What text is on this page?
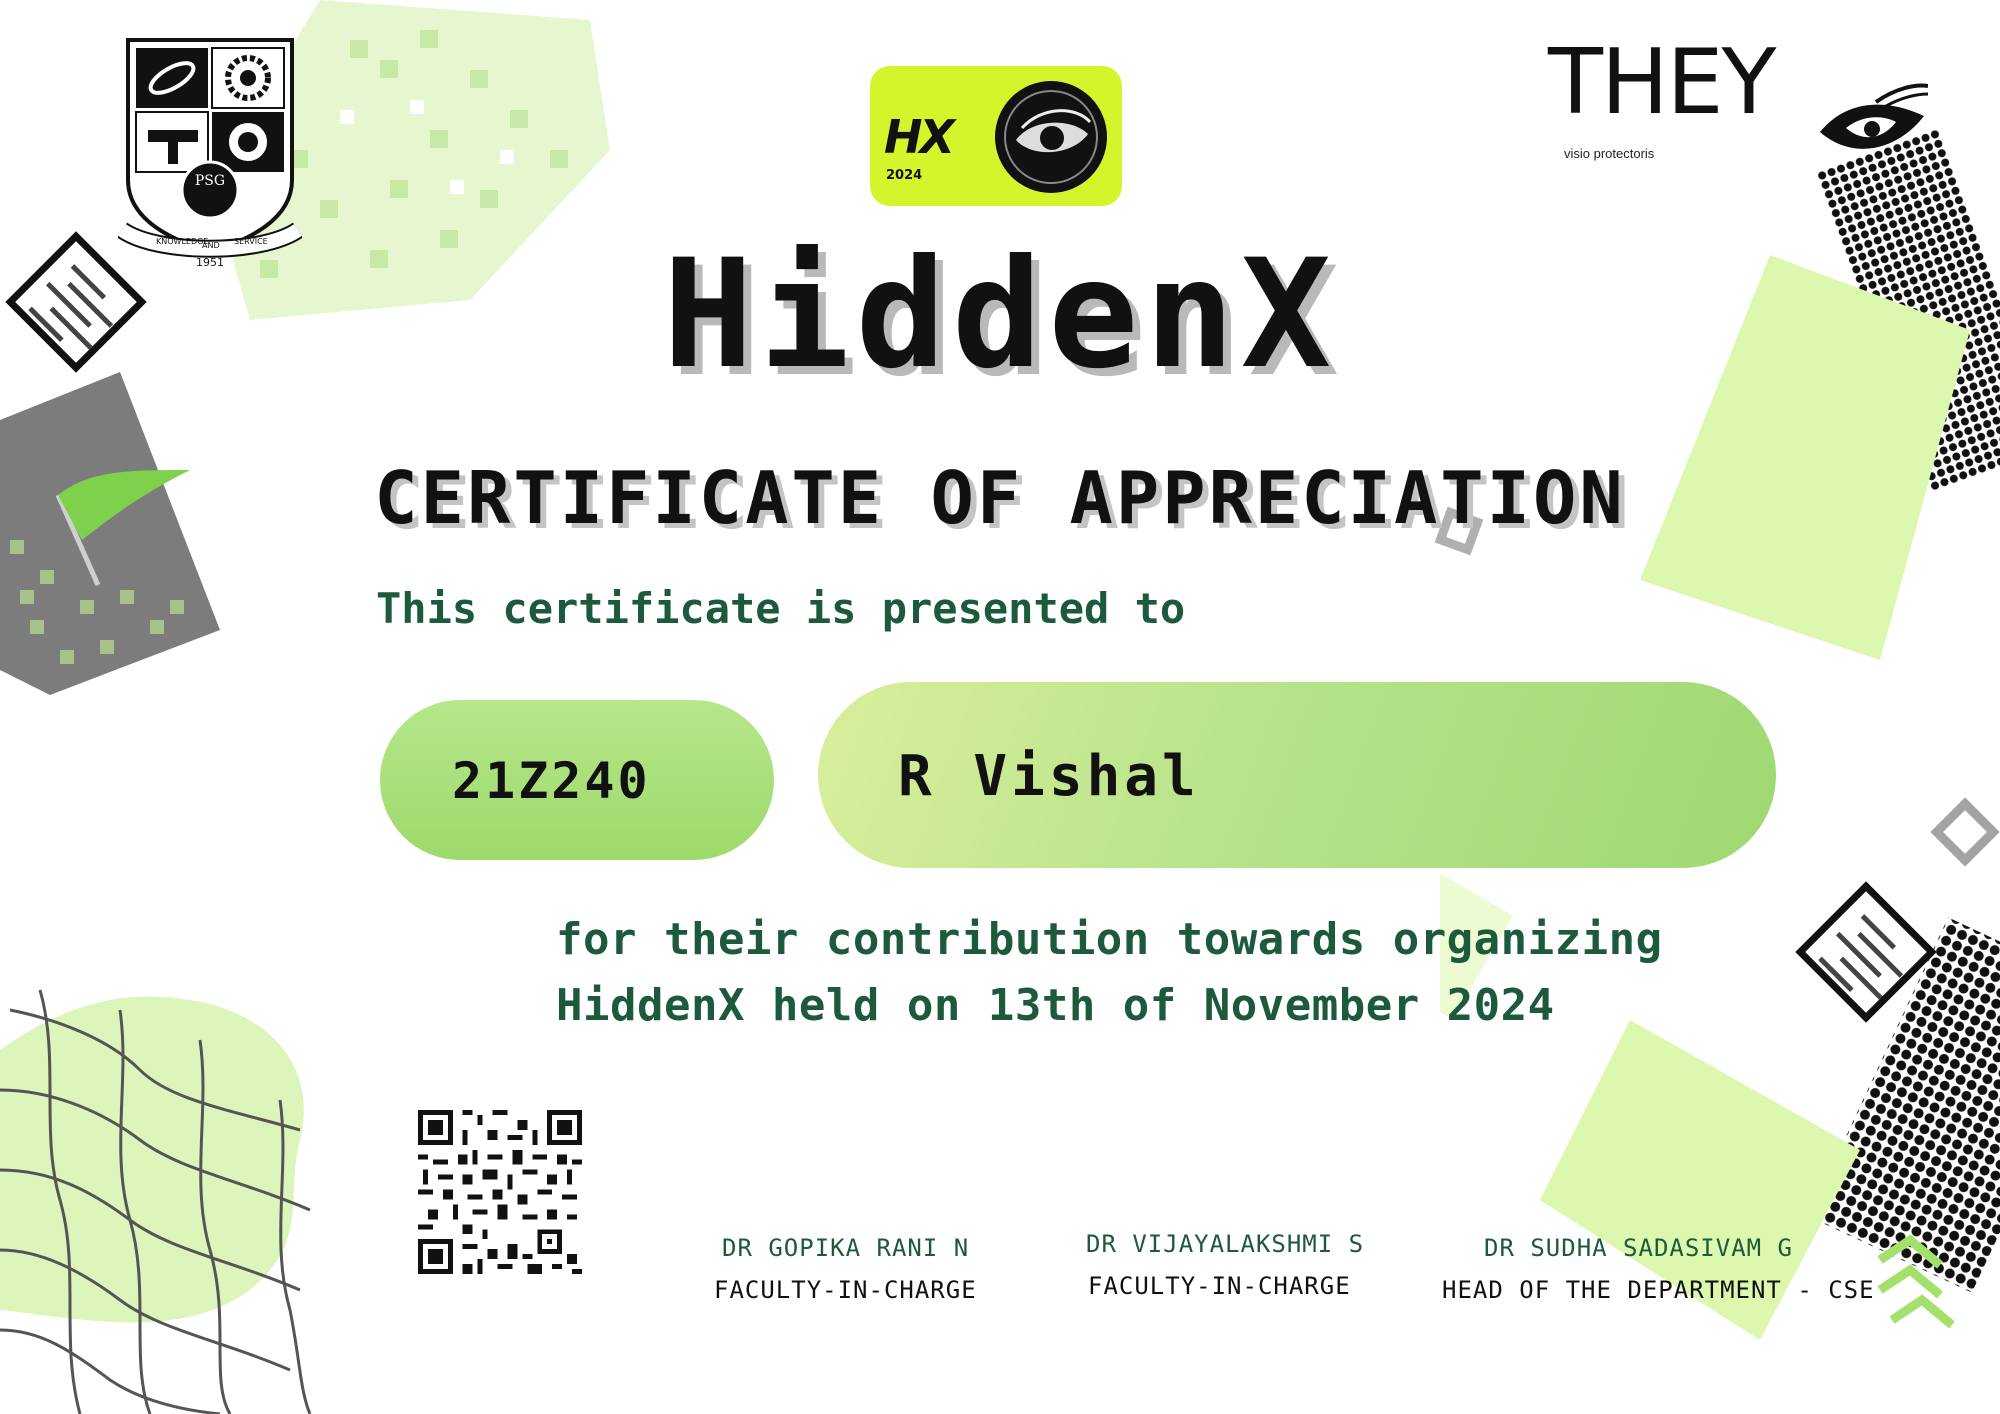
PSG
KNOWLEDGE
AND SERVICE
1951
HX
2024
THEY
visio protectoris
HiddenX
CERTIFICATE OF APPRECIATION
This certificate is presented to
21Z240	R Vishal
for their contribution towards organizing
HiddenX held on 13th of November 2024
DR GOPIKA RANI N
FACULTY-IN-CHARGE
DR VIJAYALAKSHMI S
FACULTY-IN-CHARGE
DR SUDHA SADASIVAM G
HEAD OF THE DEPARTMENT - CSE
